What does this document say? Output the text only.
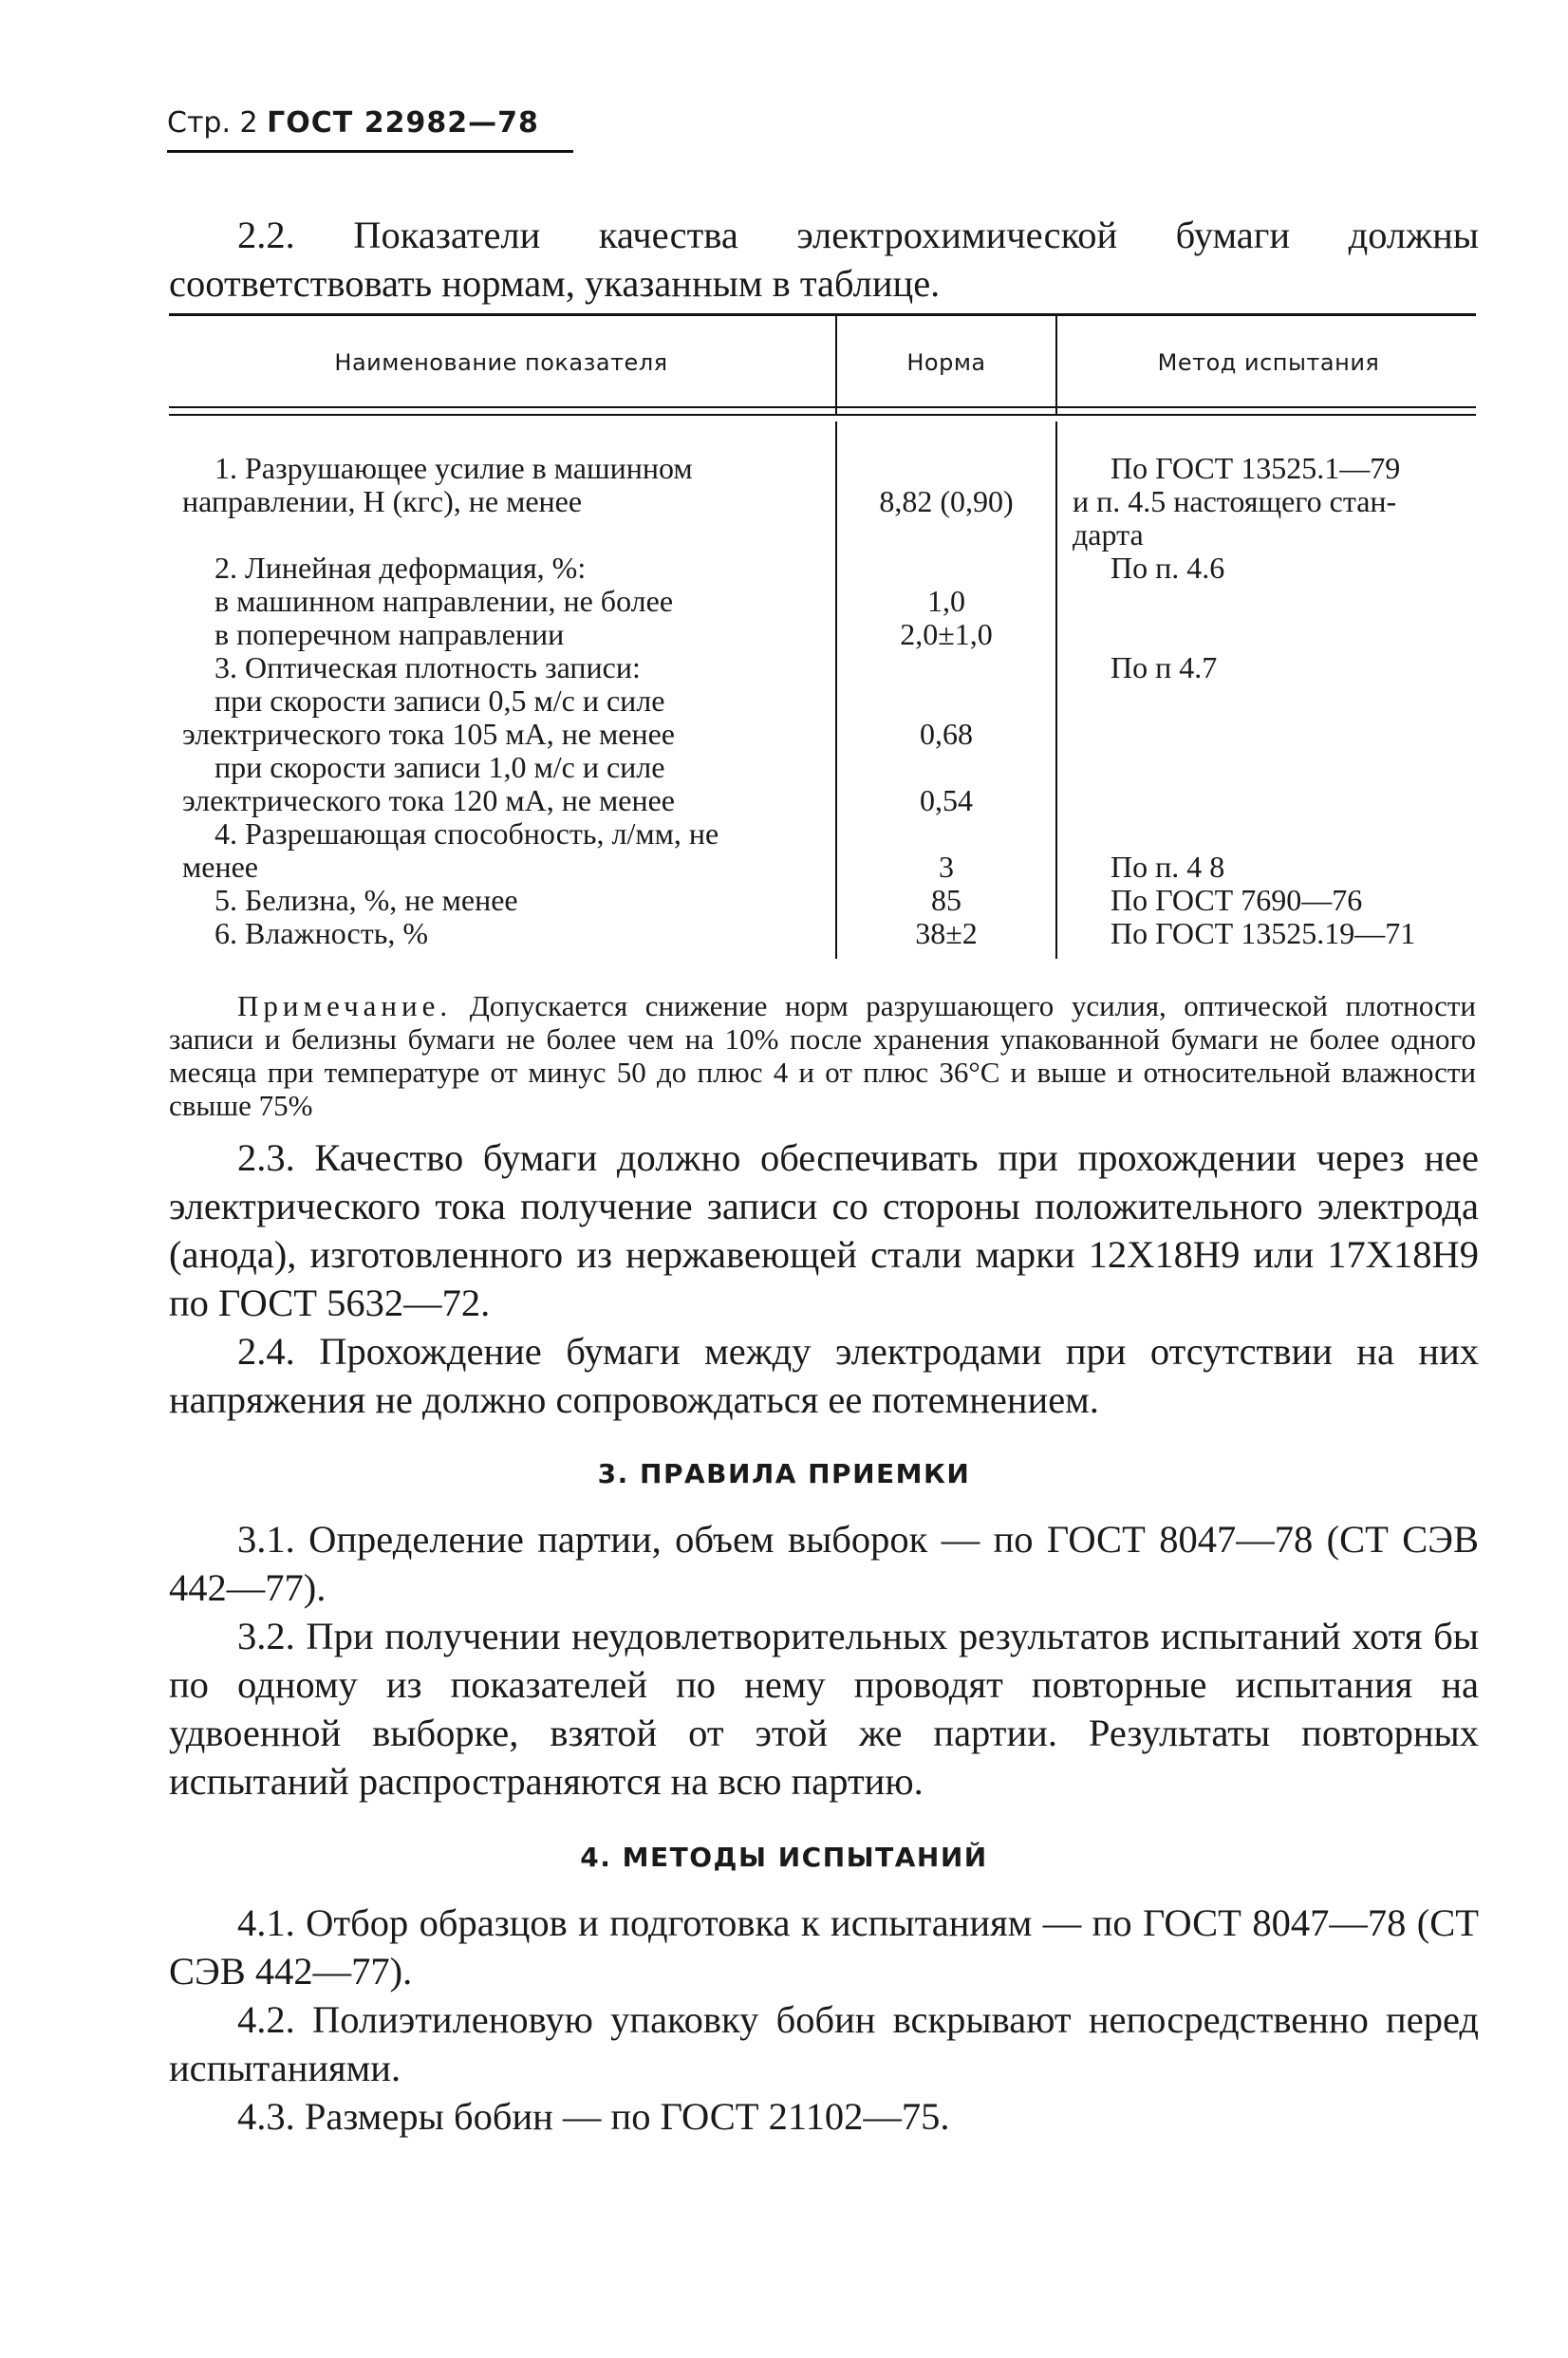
Стр. 2 ГОСТ 22982—78
2.2. Показатели качества электрохимической бумаги должны соответствовать нормам, указанным в таблице.
Наименование показателя	Норма	Метод испытания
1. Разрушающее усилие в машинном
направлении, Н (кгс), не менее
2. Линейная деформация, %:
в машинном направлении, не более
в поперечном направлении
3. Оптическая плотность записи:
при скорости записи 0,5 м/с и силе
электрического тока 105 мА, не менее
при скорости записи 1,0 м/с и силе
электрического тока 120 мА, не менее
4. Разрешающая способность, л/мм, не
менее
5. Белизна, %, не менее
6. Влажность, %
8,82 (0,90)
1,0
2,0±1,0
0,68
0,54
3
85
38±2
По ГОСТ 13525.1—79
и п. 4.5 настоящего стан-
дарта
По п. 4.6
По п 4.7
По п. 4 8
По ГОСТ 7690—76
По ГОСТ 13525.19—71
Примечание. Допускается снижение норм разрушающего усилия, оптической плотности записи и белизны бумаги не более чем на 10% после хранения упакованной бумаги не более одного месяца при температуре от минус 50 до плюс 4 и от плюс 36°С и выше и относительной влажности свыше 75%
2.3. Качество бумаги должно обеспечивать при прохождении через нее электрического тока получение записи со стороны положительного электрода (анода), изготовленного из нержавеющей стали марки 12Х18Н9 или 17Х18Н9 по ГОСТ 5632—72.
2.4. Прохождение бумаги между электродами при отсутствии на них напряжения не должно сопровождаться ее потемнением.
3. ПРАВИЛА ПРИЕМКИ
3.1. Определение партии, объем выборок — по ГОСТ 8047—78 (СТ СЭВ 442—77).
3.2. При получении неудовлетворительных результатов испытаний хотя бы по одному из показателей по нему проводят повторные испытания на удвоенной выборке, взятой от этой же партии. Результаты повторных испытаний распространяются на всю партию.
4. МЕТОДЫ ИСПЫТАНИЙ
4.1. Отбор образцов и подготовка к испытаниям — по ГОСТ 8047—78 (СТ СЭВ 442—77).
4.2. Полиэтиленовую упаковку бобин вскрывают непосредственно перед испытаниями.
4.3. Размеры бобин — по ГОСТ 21102—75.
